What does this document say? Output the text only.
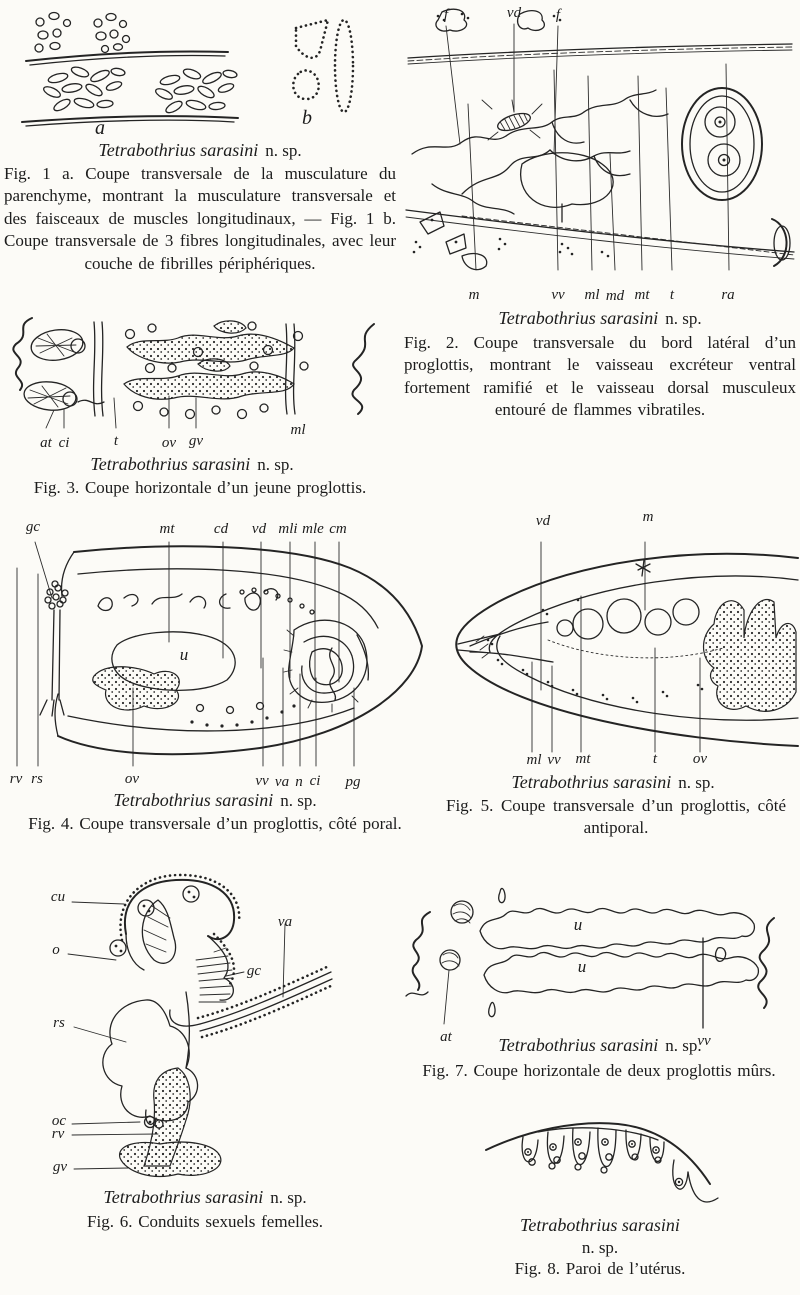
a	b
Tetrabothrius sarasini n. sp.
Fig. 1 a. Coupe transversale de la musculature du parenchyme, montrant la musculature transversale et des faisceaux de muscles longitudinaux, — Fig. 1 b. Coupe transversale de 3 fibres longitudinales, avec leur couche de fibrilles périphériques.
f	vd f
m	vv ml md mt t	ra
Tetrabothrius sarasini n. sp.
Fig. 2. Coupe transversale du bord latéral d’un proglottis, montrant le vaisseau excréteur ventral fortement ramifié et le vaisseau dorsal musculeux entouré de flammes vibratiles.
at ci	t	ov gv
ml
Tetrabothrius sarasini n. sp.
Fig. 3. Coupe horizontale d’un jeune proglottis.
gc	mt	cd vd mli mle cm
u
rv rs	ov	vv va n ci pg
Tetrabothrius sarasini n. sp.
Fig. 4. Coupe transversale d’un proglottis, côté poral.
vd	m
ml vv mt	t ov
Tetrabothrius sarasini n. sp.
Fig. 5. Coupe transversale d’un proglottis, côté antiporal.
cu
o
rs
oc
rv
gv
va
gc
Tetrabothrius sarasini n. sp.
Fig. 6. Conduits sexuels femelles.
u
u
at	vv
Tetrabothrius sarasini n. sp.
Fig. 7. Coupe horizontale de deux proglottis mûrs.
Tetrabothrius sarasini
n. sp.
Fig. 8. Paroi de l’utérus.
